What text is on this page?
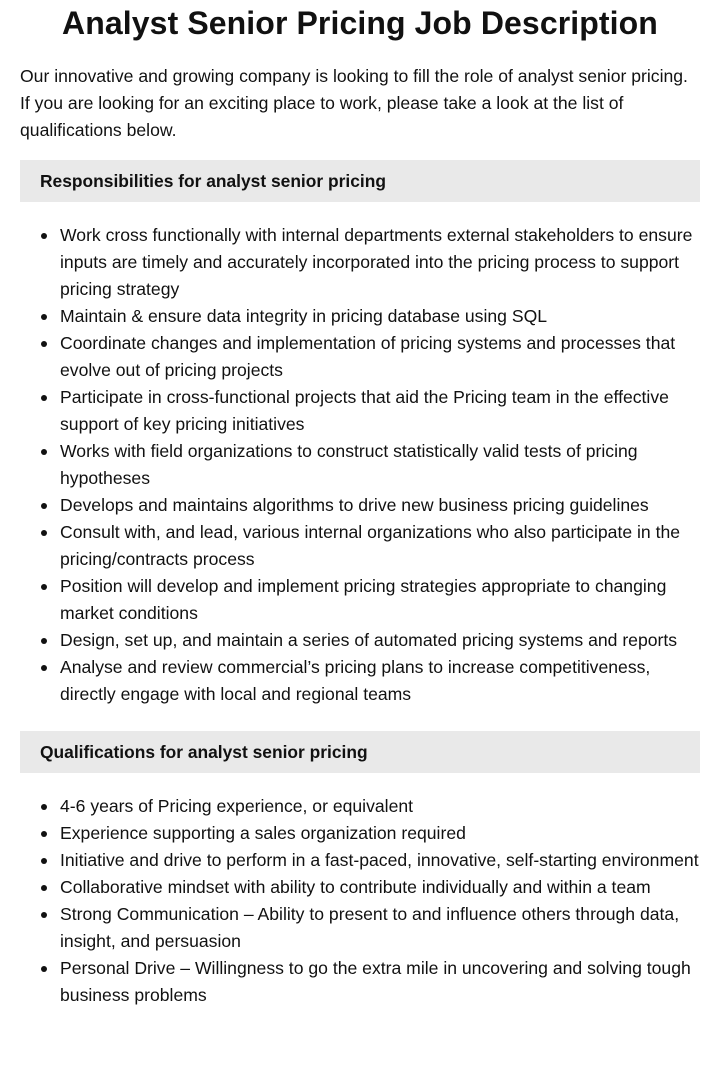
Analyst Senior Pricing Job Description

Our innovative and growing company is looking to fill the role of analyst senior pricing. If you are looking for an exciting place to work, please take a look at the list of qualifications below.

Responsibilities for analyst senior pricing
Work cross functionally with internal departments external stakeholders to ensure inputs are timely and accurately incorporated into the pricing process to support pricing strategy
Maintain & ensure data integrity in pricing database using SQL
Coordinate changes and implementation of pricing systems and processes that evolve out of pricing projects
Participate in cross-functional projects that aid the Pricing team in the effective support of key pricing initiatives
Works with field organizations to construct statistically valid tests of pricing hypotheses
Develops and maintains algorithms to drive new business pricing guidelines
Consult with, and lead, various internal organizations who also participate in the pricing/contracts process
Position will develop and implement pricing strategies appropriate to changing market conditions
Design, set up, and maintain a series of automated pricing systems and reports
Analyse and review commercial’s pricing plans to increase competitiveness, directly engage with local and regional teams
Qualifications for analyst senior pricing
4-6 years of Pricing experience, or equivalent
Experience supporting a sales organization required
Initiative and drive to perform in a fast-paced, innovative, self-starting environment
Collaborative mindset with ability to contribute individually and within a team
Strong Communication – Ability to present to and influence others through data, insight, and persuasion
Personal Drive – Willingness to go the extra mile in uncovering and solving tough business problems
